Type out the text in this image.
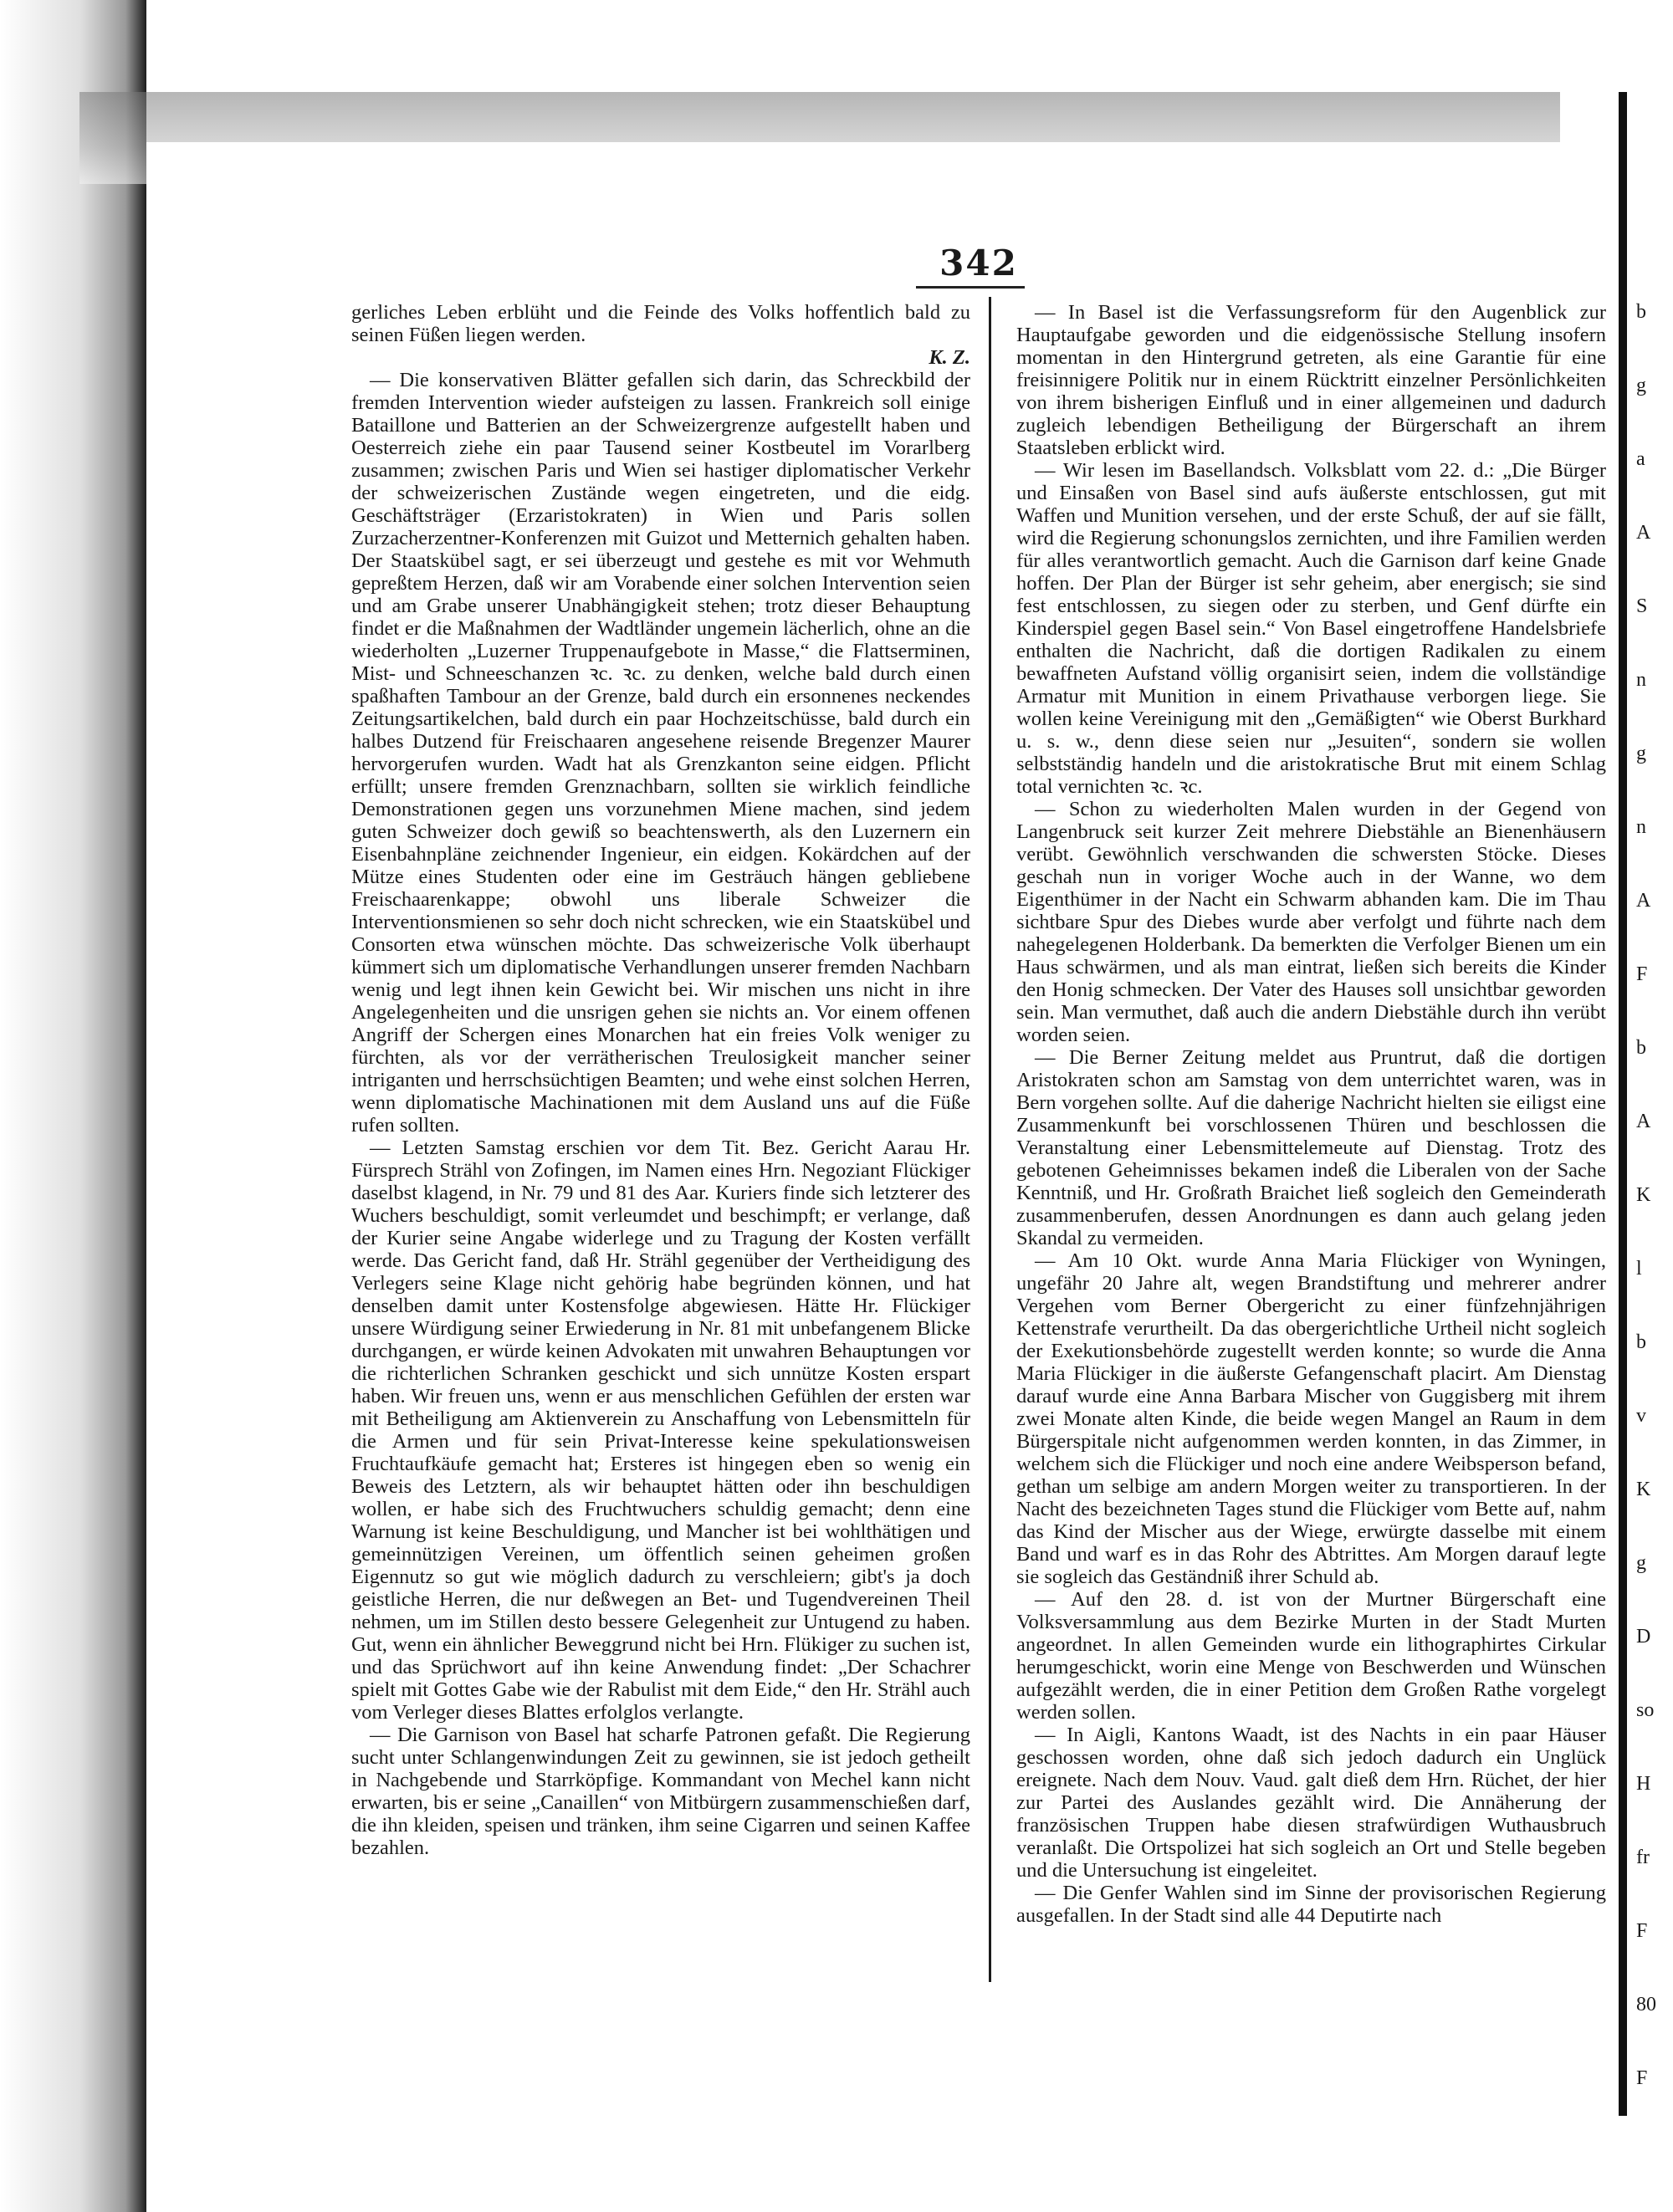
342

gerliches Leben erblüht und die Feinde des Volks hoffentlich bald zu seinen Füßen liegen werden.

K. Z.

— Die konservativen Blätter gefallen sich darin, das Schreckbild der fremden Intervention wieder aufsteigen zu lassen. Frankreich soll einige Bataillone und Batterien an der Schweizergrenze aufgestellt haben und Oesterreich ziehe ein paar Tausend seiner Kostbeutel im Vorarlberg zusammen; zwischen Paris und Wien sei hastiger diplomatischer Verkehr der schweizerischen Zustände wegen eingetreten, und die eidg. Geschäftsträger (Erzaristokraten) in Wien und Paris sollen Zurzacherzentner-Konferenzen mit Guizot und Metternich gehalten haben. Der Staatskübel sagt, er sei überzeugt und gestehe es mit vor Wehmuth gepreßtem Herzen, daß wir am Vorabende einer solchen Intervention seien und am Grabe unserer Unabhängigkeit stehen; trotz dieser Behauptung findet er die Maßnahmen der Wadtländer ungemein lächerlich, ohne an die wiederholten „Luzerner Truppenaufgebote in Masse,“ die Flattserminen, Mist- und Schneeschanzen ꝛc. ꝛc. zu denken, welche bald durch einen spaßhaften Tambour an der Grenze, bald durch ein ersonnenes neckendes Zeitungsartikelchen, bald durch ein paar Hochzeitschüsse, bald durch ein halbes Dutzend für Freischaaren angesehene reisende Bregenzer Maurer hervorgerufen wurden. Wadt hat als Grenzkanton seine eidgen. Pflicht erfüllt; unsere fremden Grenznachbarn, sollten sie wirklich feindliche Demonstrationen gegen uns vorzunehmen Miene machen, sind jedem guten Schweizer doch gewiß so beachtenswerth, als den Luzernern ein Eisenbahnpläne zeichnender Ingenieur, ein eidgen. Kokärdchen auf der Mütze eines Studenten oder eine im Gesträuch hängen gebliebene Freischaarenkappe; obwohl uns liberale Schweizer die Interventionsmienen so sehr doch nicht schrecken, wie ein Staatskübel und Consorten etwa wünschen möchte. Das schweizerische Volk überhaupt kümmert sich um diplomatische Verhandlungen unserer fremden Nachbarn wenig und legt ihnen kein Gewicht bei. Wir mischen uns nicht in ihre Angelegenheiten und die unsrigen gehen sie nichts an. Vor einem offenen Angriff der Schergen eines Monarchen hat ein freies Volk weniger zu fürchten, als vor der verrätherischen Treulosigkeit mancher seiner intriganten und herrschsüchtigen Beamten; und wehe einst solchen Herren, wenn diplomatische Machinationen mit dem Ausland uns auf die Füße rufen sollten.

— Letzten Samstag erschien vor dem Tit. Bez. Gericht Aarau Hr. Fürsprech Strähl von Zofingen, im Namen eines Hrn. Negoziant Flückiger daselbst klagend, in Nr. 79 und 81 des Aar. Kuriers finde sich letzterer des Wuchers beschuldigt, somit verleumdet und beschimpft; er verlange, daß der Kurier seine Angabe widerlege und zu Tragung der Kosten verfällt werde. Das Gericht fand, daß Hr. Strähl gegenüber der Vertheidigung des Verlegers seine Klage nicht gehörig habe begründen können, und hat denselben damit unter Kostensfolge abgewiesen. Hätte Hr. Flückiger unsere Würdigung seiner Erwiederung in Nr. 81 mit unbefangenem Blicke durchgangen, er würde keinen Advokaten mit unwahren Behauptungen vor die richterlichen Schranken geschickt und sich unnütze Kosten erspart haben. Wir freuen uns, wenn er aus menschlichen Gefühlen der ersten war mit Betheiligung am Aktienverein zu Anschaffung von Lebensmitteln für die Armen und für sein Privat-Interesse keine spekulationsweisen Fruchtaufkäufe gemacht hat; Ersteres ist hingegen eben so wenig ein Beweis des Letztern, als wir behauptet hätten oder ihn beschuldigen wollen, er habe sich des Fruchtwuchers schuldig gemacht; denn eine Warnung ist keine Beschuldigung, und Mancher ist bei wohlthätigen und gemeinnützigen Vereinen, um öffentlich seinen geheimen großen Eigennutz so gut wie möglich dadurch zu verschleiern; gibt's ja doch geistliche Herren, die nur deßwegen an Bet- und Tugendvereinen Theil nehmen, um im Stillen desto bessere Gelegenheit zur Untugend zu haben. Gut, wenn ein ähnlicher Beweggrund nicht bei Hrn. Flükiger zu suchen ist, und das Sprüchwort auf ihn keine Anwendung findet: „Der Schachrer spielt mit Gottes Gabe wie der Rabulist mit dem Eide,“ den Hr. Strähl auch vom Verleger dieses Blattes erfolglos verlangte.

— Die Garnison von Basel hat scharfe Patronen gefaßt. Die Regierung sucht unter Schlangenwindungen Zeit zu gewinnen, sie ist jedoch getheilt in Nachgebende und Starrköpfige. Kommandant von Mechel kann nicht erwarten, bis er seine „Canaillen“ von Mitbürgern zusammenschießen darf, die ihn kleiden, speisen und tränken, ihm seine Cigarren und seinen Kaffee bezahlen.

— In Basel ist die Verfassungsreform für den Augenblick zur Hauptaufgabe geworden und die eidgenössische Stellung insofern momentan in den Hintergrund getreten, als eine Garantie für eine freisinnigere Politik nur in einem Rücktritt einzelner Persönlichkeiten von ihrem bisherigen Einfluß und in einer allgemeinen und dadurch zugleich lebendigen Betheiligung der Bürgerschaft an ihrem Staatsleben erblickt wird.

— Wir lesen im Basellandsch. Volksblatt vom 22. d.: „Die Bürger und Einsaßen von Basel sind aufs äußerste entschlossen, gut mit Waffen und Munition versehen, und der erste Schuß, der auf sie fällt, wird die Regierung schonungslos zernichten, und ihre Familien werden für alles verantwortlich gemacht. Auch die Garnison darf keine Gnade hoffen. Der Plan der Bürger ist sehr geheim, aber energisch; sie sind fest entschlossen, zu siegen oder zu sterben, und Genf dürfte ein Kinderspiel gegen Basel sein.“ Von Basel eingetroffene Handelsbriefe enthalten die Nachricht, daß die dortigen Radikalen zu einem bewaffneten Aufstand völlig organisirt seien, indem die vollständige Armatur mit Munition in einem Privathause verborgen liege. Sie wollen keine Vereinigung mit den „Gemäßigten“ wie Oberst Burkhard u. s. w., denn diese seien nur „Jesuiten“, sondern sie wollen selbstständig handeln und die aristokratische Brut mit einem Schlag total vernichten ꝛc. ꝛc.

— Schon zu wiederholten Malen wurden in der Gegend von Langenbruck seit kurzer Zeit mehrere Diebstähle an Bienenhäusern verübt. Gewöhnlich verschwanden die schwersten Stöcke. Dieses geschah nun in voriger Woche auch in der Wanne, wo dem Eigenthümer in der Nacht ein Schwarm abhanden kam. Die im Thau sichtbare Spur des Diebes wurde aber verfolgt und führte nach dem nahegelegenen Holderbank. Da bemerkten die Verfolger Bienen um ein Haus schwärmen, und als man eintrat, ließen sich bereits die Kinder den Honig schmecken. Der Vater des Hauses soll unsichtbar geworden sein. Man vermuthet, daß auch die andern Diebstähle durch ihn verübt worden seien.

— Die Berner Zeitung meldet aus Pruntrut, daß die dortigen Aristokraten schon am Samstag von dem unterrichtet waren, was in Bern vorgehen sollte. Auf die daherige Nachricht hielten sie eiligst eine Zusammenkunft bei vorschlossenen Thüren und beschlossen die Veranstaltung einer Lebensmittelemeute auf Dienstag. Trotz des gebotenen Geheimnisses bekamen indeß die Liberalen von der Sache Kenntniß, und Hr. Großrath Braichet ließ sogleich den Gemeinderath zusammenberufen, dessen Anordnungen es dann auch gelang jeden Skandal zu vermeiden.

— Am 10 Okt. wurde Anna Maria Flückiger von Wyningen, ungefähr 20 Jahre alt, wegen Brandstiftung und mehrerer andrer Vergehen vom Berner Obergericht zu einer fünfzehnjährigen Kettenstrafe verurtheilt. Da das obergerichtliche Urtheil nicht sogleich der Exekutionsbehörde zugestellt werden konnte; so wurde die Anna Maria Flückiger in die äußerste Gefangenschaft placirt. Am Dienstag darauf wurde eine Anna Barbara Mischer von Guggisberg mit ihrem zwei Monate alten Kinde, die beide wegen Mangel an Raum in dem Bürgerspitale nicht aufgenommen werden konnten, in das Zimmer, in welchem sich die Flückiger und noch eine andere Weibsperson befand, gethan um selbige am andern Morgen weiter zu transportieren. In der Nacht des bezeichneten Tages stund die Flückiger vom Bette auf, nahm das Kind der Mischer aus der Wiege, erwürgte dasselbe mit einem Band und warf es in das Rohr des Abtrittes. Am Morgen darauf legte sie sogleich das Geständniß ihrer Schuld ab.

— Auf den 28. d. ist von der Murtner Bürgerschaft eine Volksversammlung aus dem Bezirke Murten in der Stadt Murten angeordnet. In allen Gemeinden wurde ein lithographirtes Cirkular herumgeschickt, worin eine Menge von Beschwerden und Wünschen aufgezählt werden, die in einer Petition dem Großen Rathe vorgelegt werden sollen.

— In Aigli, Kantons Waadt, ist des Nachts in ein paar Häuser geschossen worden, ohne daß sich jedoch dadurch ein Unglück ereignete. Nach dem Nouv. Vaud. galt dieß dem Hrn. Rüchet, der hier zur Partei des Auslandes gezählt wird. Die Annäherung der französischen Truppen habe diesen strafwürdigen Wuthausbruch veranlaßt. Die Ortspolizei hat sich sogleich an Ort und Stelle begeben und die Untersuchung ist eingeleitet.

— Die Genfer Wahlen sind im Sinne der provisorischen Regierung ausgefallen. In der Stadt sind alle 44 Deputirte nach

b
g
a
A
S
n
g
n
A
F
b
A
K
l
b
v
K
g
D
so
H
fr
F
80
F
